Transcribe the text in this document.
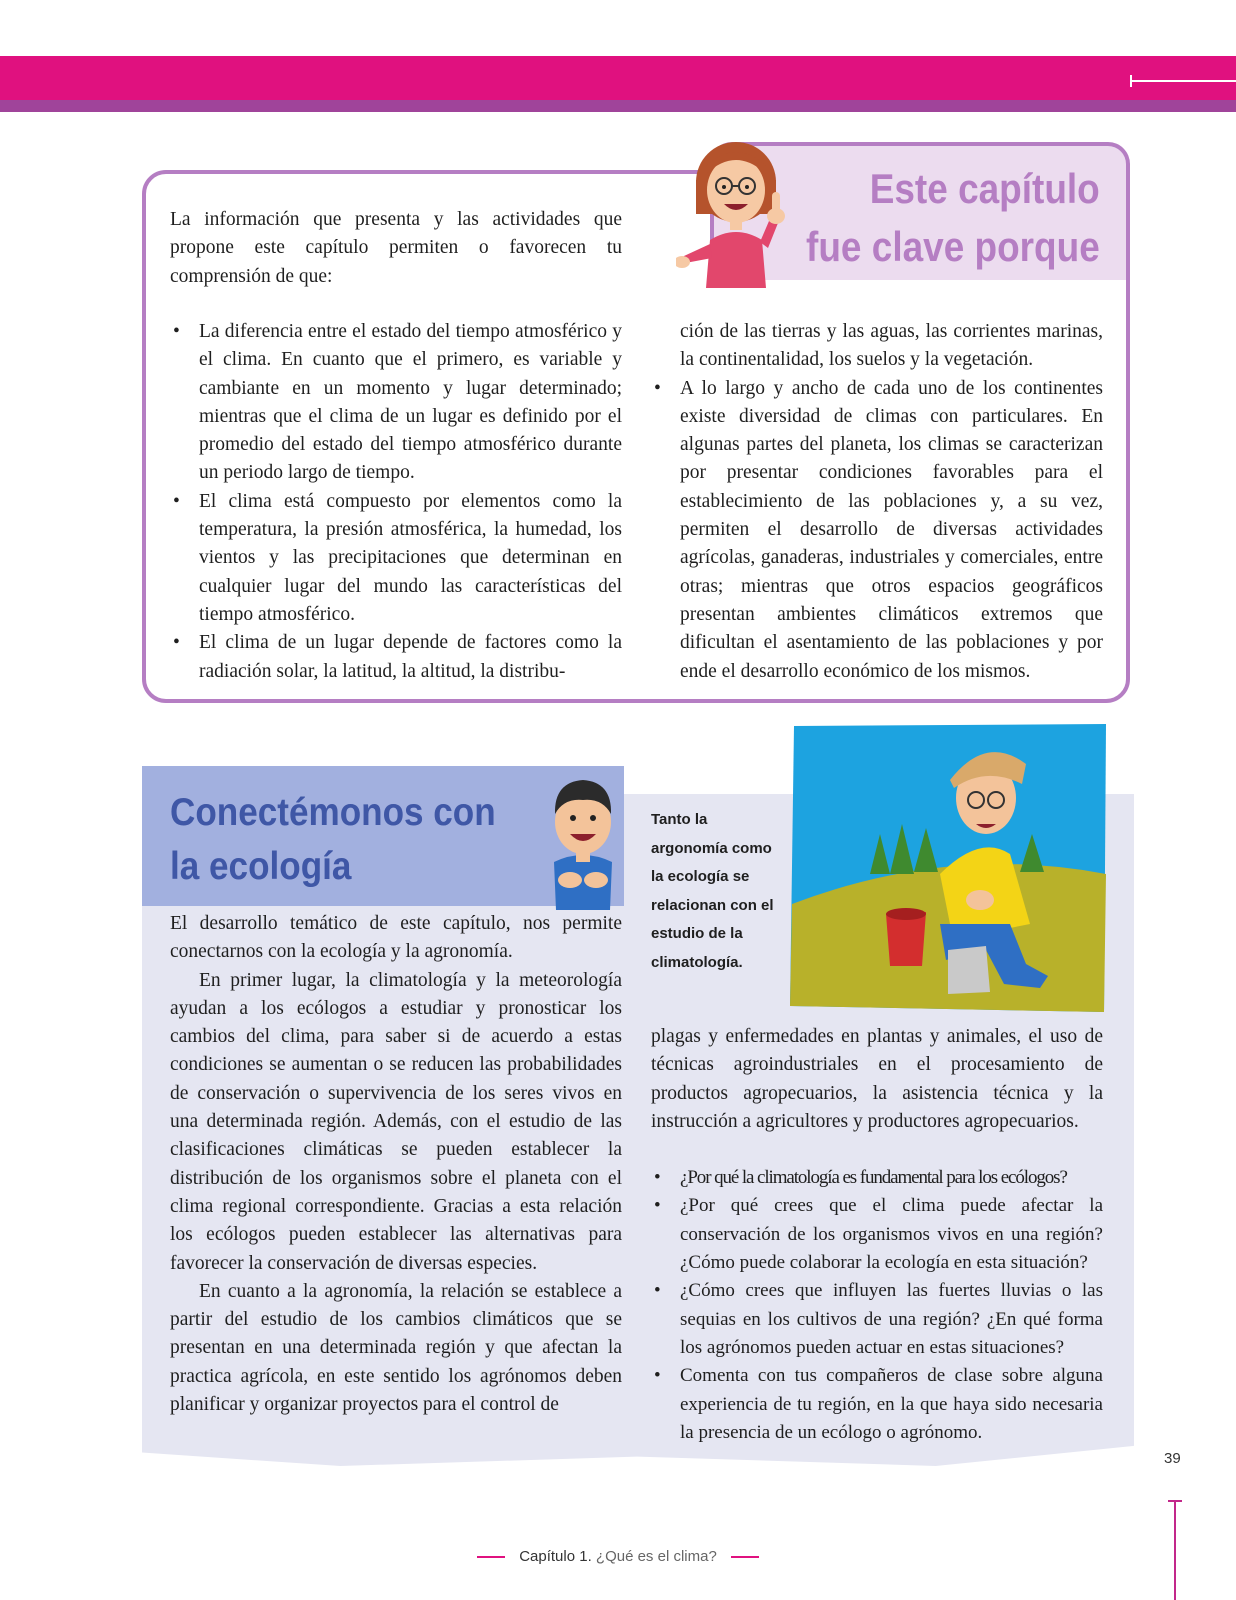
Este capítulo
fue clave porque
La información que presenta y las actividades que propone este capítulo permiten o favorecen tu comprensión de que:
• La diferencia entre el estado del tiempo atmosférico y el clima. En cuanto que el primero, es variable y cambiante en un momento y lugar determinado; mientras que el clima de un lugar es definido por el promedio del estado del tiempo atmosférico durante un periodo largo de tiempo.
• El clima está compuesto por elementos como la temperatura, la presión atmosférica, la humedad, los vientos y las precipitaciones que determinan en cualquier lugar del mundo las características del tiempo atmosférico.
• El clima de un lugar depende de factores como la radiación solar, la latitud, la altitud, la distribu-
ción de las tierras y las aguas, las corrientes marinas, la continentalidad, los suelos y la vegetación.
• A lo largo y ancho de cada uno de los continentes existe diversidad de climas con particulares. En algunas partes del planeta, los climas se caracterizan por presentar condiciones favorables para el establecimiento de las poblaciones y, a su vez, permiten el desarrollo de diversas actividades agrícolas, ganaderas, industriales y comerciales, entre otras; mientras que otros espacios geográficos presentan ambientes climáticos extremos que dificultan el asentamiento de las poblaciones y por ende el desarrollo económico de los mismos.
Conectémonos con
la ecología
Tanto la argonomía como la ecología se relacionan con el estudio de la climatología.
El desarrollo temático de este capítulo, nos permite conectarnos con la ecología y la agronomía.
En primer lugar, la climatología y la meteorología ayudan a los ecólogos a estudiar y pronosticar los cambios del clima, para saber si de acuerdo a estas condiciones se aumentan o se reducen las probabilidades de conservación o supervivencia de los seres vivos en una determinada región. Además, con el estudio de las clasificaciones climáticas se pueden establecer la distribución de los organismos sobre el planeta con el clima regional correspondiente. Gracias a esta relación los ecólogos pueden establecer las alternativas para favorecer la conservación de diversas especies.
En cuanto a la agronomía, la relación se establece a partir del estudio de los cambios climáticos que se presentan en una determinada región y que afectan la practica agrícola, en este sentido los agrónomos deben planificar y organizar proyectos para el control de
plagas y enfermedades en plantas y animales, el uso de técnicas agroindustriales en el procesamiento de productos agropecuarios, la asistencia técnica y la instrucción a agricultores y productores agropecuarios.
• ¿Por qué la climatología es fundamental para los ecólogos?
• ¿Por qué crees que el clima puede afectar la conservación de los organismos vivos en una región? ¿Cómo puede colaborar la ecología en esta situación?
• ¿Cómo crees que influyen las fuertes lluvias o las sequias en los cultivos de una región? ¿En qué forma los agrónomos pueden actuar en estas situaciones?
• Comenta con tus compañeros de clase sobre alguna experiencia de tu región, en la que haya sido necesaria la presencia de un ecólogo o agrónomo.
39
Capítulo 1. ¿Qué es el clima?
